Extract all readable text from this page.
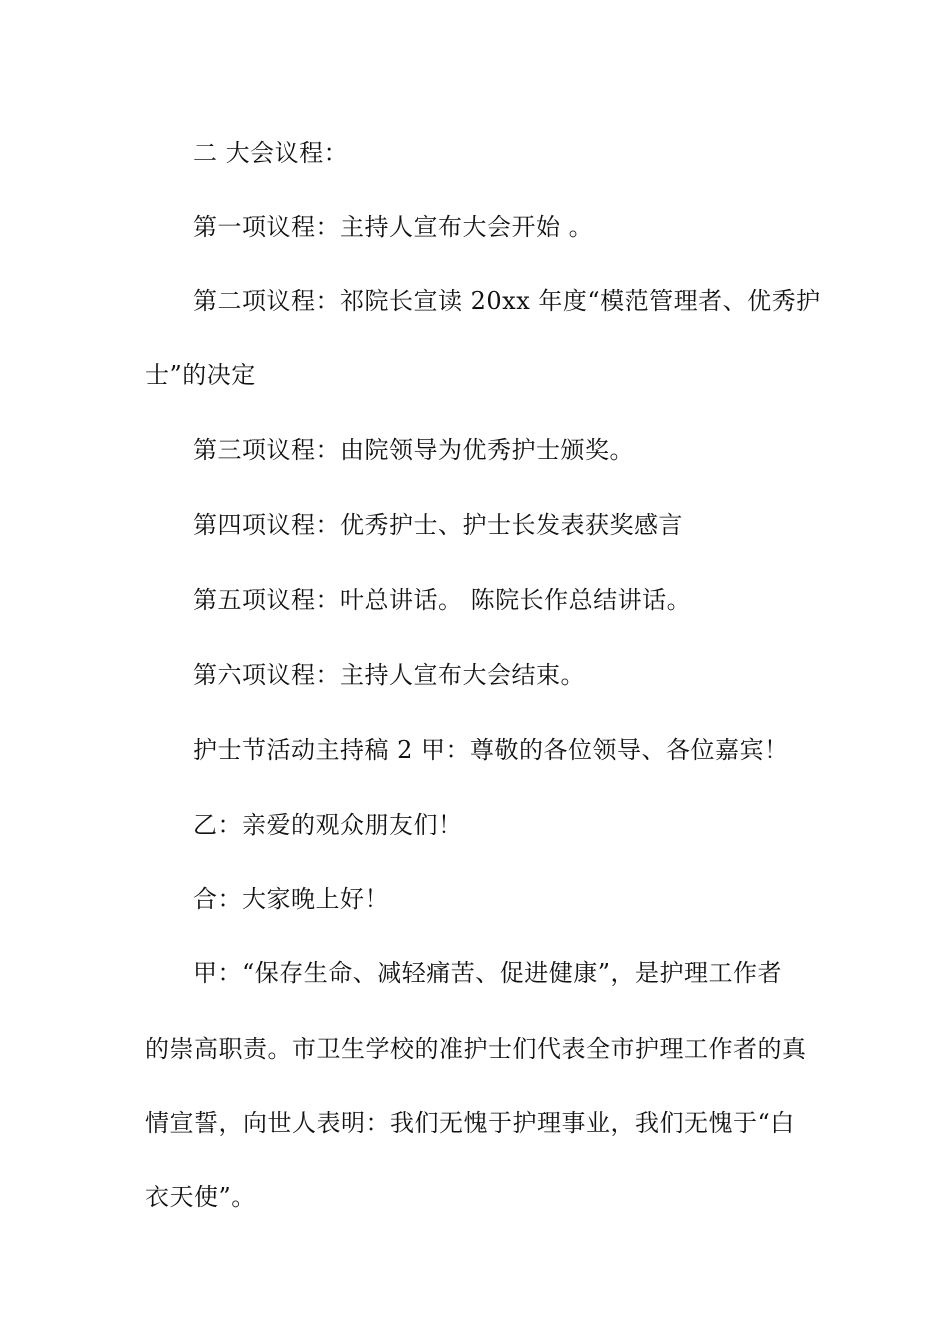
二 大会议程：
第一项议程：主持人宣布大会开始 。
第二项议程：祁院长宣读 20xx 年度“模范管理者、优秀护
士”的决定
第三项议程：由院领导为优秀护士颁奖。
第四项议程：优秀护士、护士长发表获奖感言
第五项议程：叶总讲话。 陈院长作总结讲话。
第六项议程：主持人宣布大会结束。
护士节活动主持稿 2 甲：尊敬的各位领导、各位嘉宾！
乙：亲爱的观众朋友们！
合：大家晚上好！
甲：“保存生命、减轻痛苦、促进健康”，是护理工作者
的崇高职责。市卫生学校的准护士们代表全市护理工作者的真
情宣誓，向世人表明：我们无愧于护理事业，我们无愧于“白
衣天使”。
